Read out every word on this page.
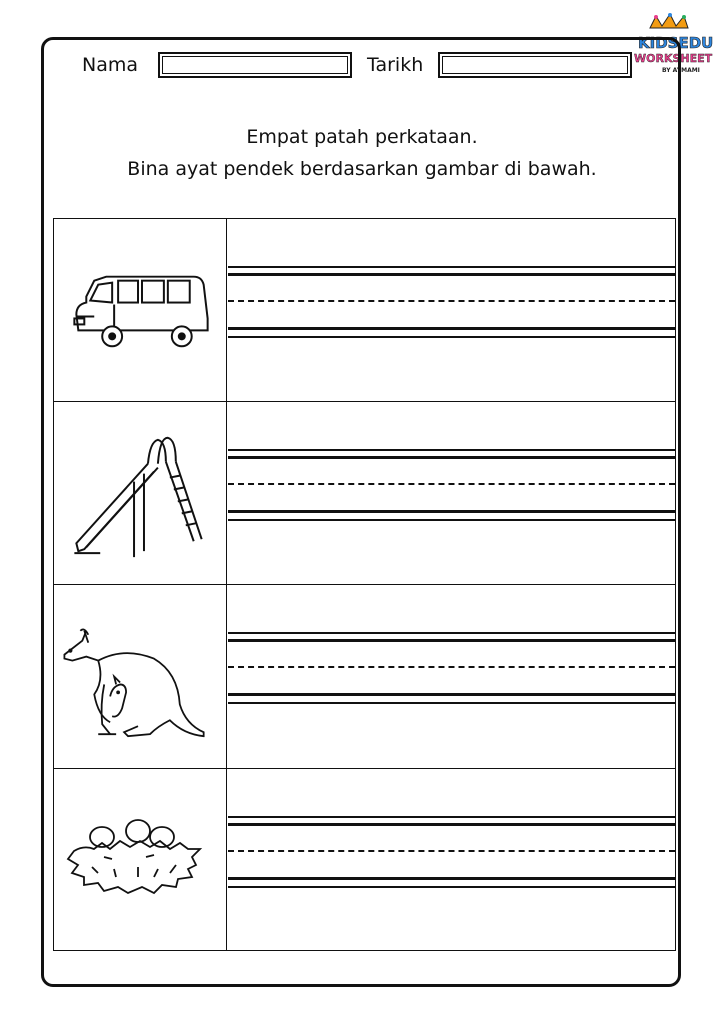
KIDSEDU
WORKSHEET
BY AYMAMI
Nama	Tarikh
Empat patah perkataan.
Bina ayat pendek berdasarkan gambar di bawah.
